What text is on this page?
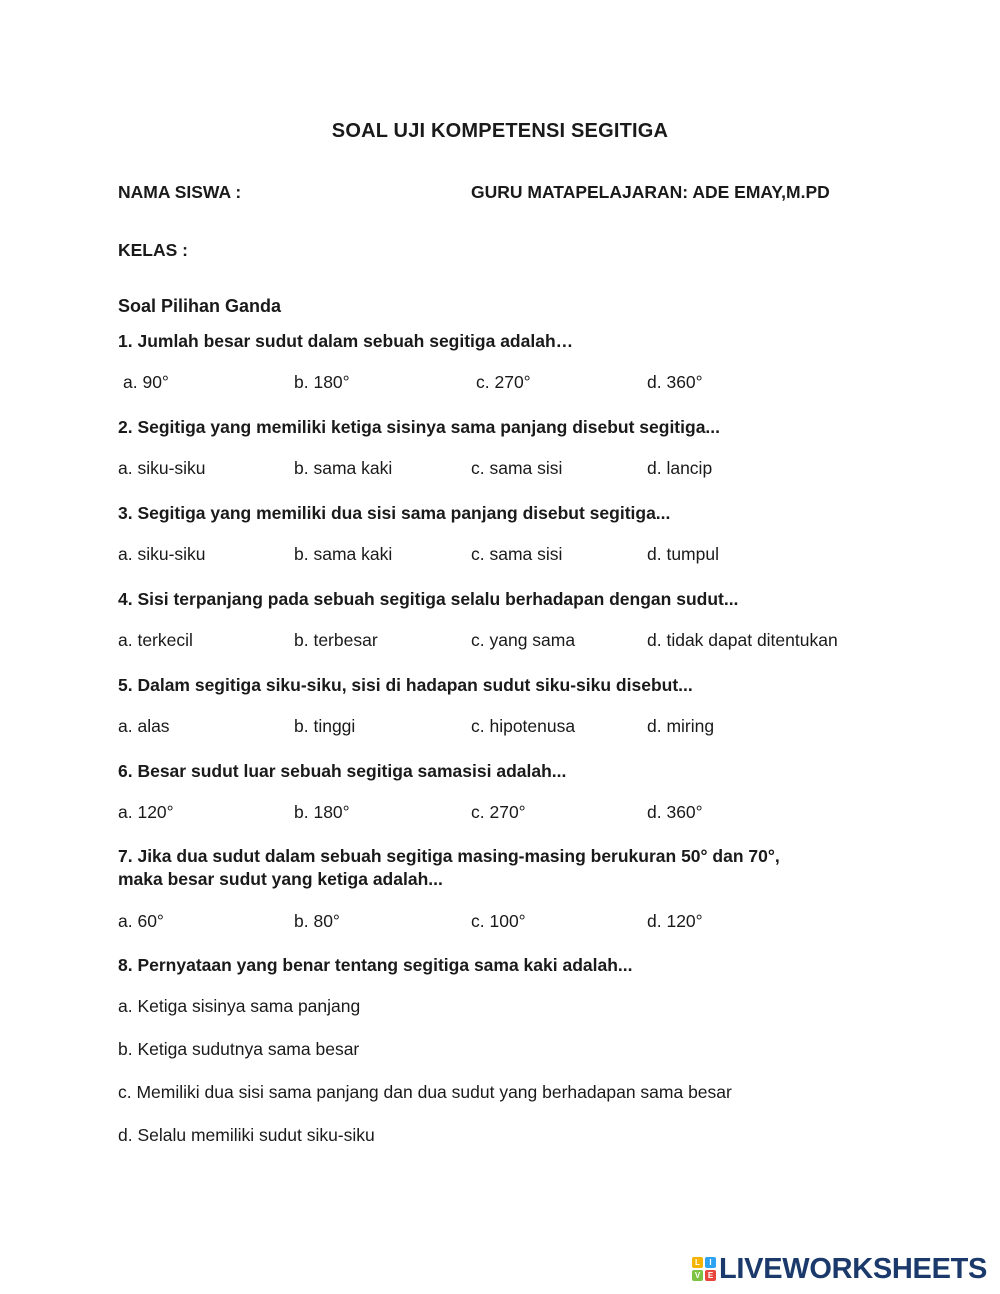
SOAL UJI KOMPETENSI SEGITIGA
NAMA SISWA :	GURU MATAPELAJARAN: ADE EMAY,M.PD
KELAS :
Soal Pilihan Ganda
1. Jumlah besar sudut dalam sebuah segitiga adalah…
a. 90°	b. 180°	c. 270°	d. 360°
2. Segitiga yang memiliki ketiga sisinya sama panjang disebut segitiga...
a. siku-siku	b. sama kaki	c. sama sisi	d. lancip
3. Segitiga yang memiliki dua sisi sama panjang disebut segitiga...
a. siku-siku	b. sama kaki	c. sama sisi	d. tumpul
4. Sisi terpanjang pada sebuah segitiga selalu berhadapan dengan sudut...
a. terkecil	b. terbesar	c. yang sama	d. tidak dapat ditentukan
5. Dalam segitiga siku-siku, sisi di hadapan sudut siku-siku disebut...
a. alas	b. tinggi	c. hipotenusa	d. miring
6. Besar sudut luar sebuah segitiga samasisi adalah...
a. 120°	b. 180°	c. 270°	d. 360°
7. Jika dua sudut dalam sebuah segitiga masing-masing berukuran 50° dan 70°,
maka besar sudut yang ketiga adalah...
a. 60°	b. 80°	c. 100°	d. 120°
8. Pernyataan yang benar tentang segitiga sama kaki adalah...
a. Ketiga sisinya sama panjang
b. Ketiga sudutnya sama besar
c. Memiliki dua sisi sama panjang dan dua sudut yang berhadapan sama besar
d. Selalu memiliki sudut siku-siku
L	I
V E LIVEWORKSHEETS
